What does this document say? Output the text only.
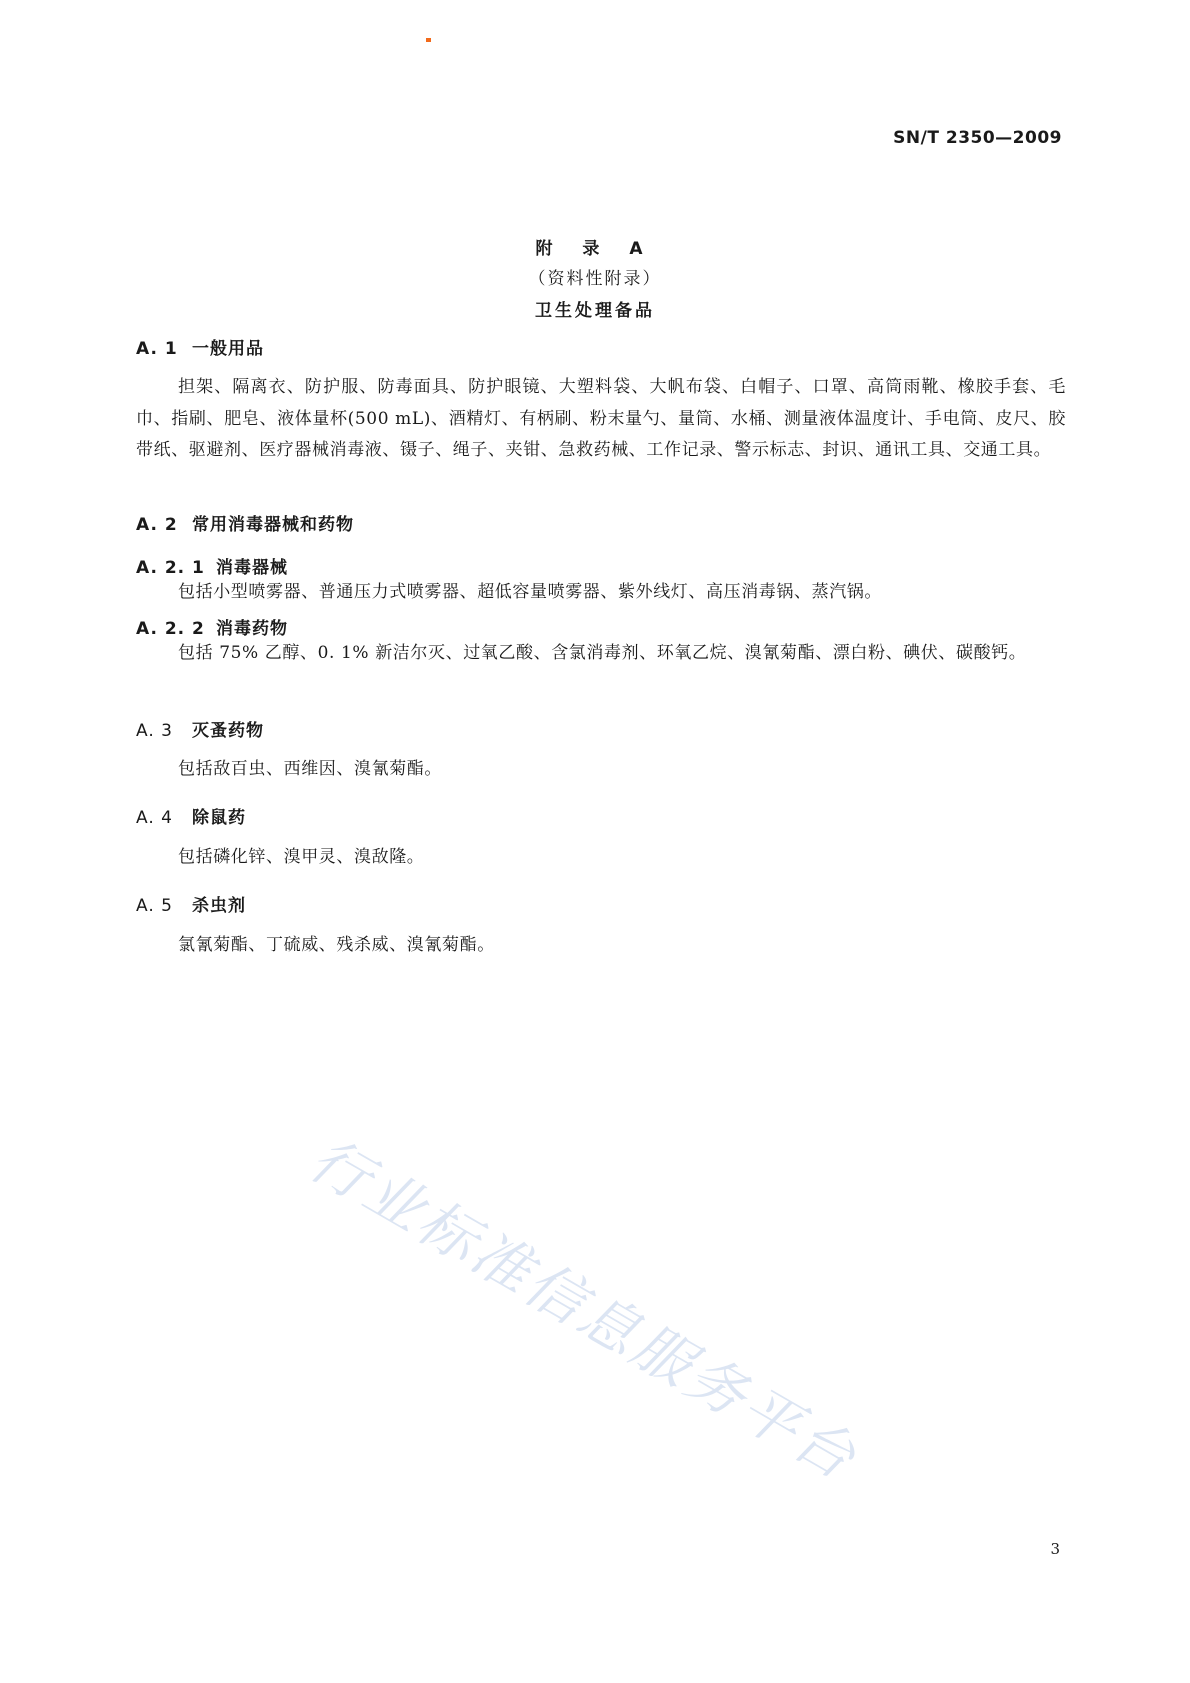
SN/T 2350—2009
附 录 A
（资料性附录）
卫生处理备品
A. 1 一般用品
担架、隔离衣、防护服、防毒面具、防护眼镜、大塑料袋、大帆布袋、白帽子、口罩、高筒雨靴、橡胶手套、毛巾、指刷、肥皂、液体量杯(500 mL)、酒精灯、有柄刷、粉末量勺、量筒、水桶、测量液体温度计、手电筒、皮尺、胶带纸、驱避剂、医疗器械消毒液、镊子、绳子、夹钳、急救药械、工作记录、警示标志、封识、通讯工具、交通工具。
A. 2 常用消毒器械和药物
A. 2. 1 消毒器械
包括小型喷雾器、普通压力式喷雾器、超低容量喷雾器、紫外线灯、高压消毒锅、蒸汽锅。
A. 2. 2 消毒药物
包括 75% 乙醇、0. 1% 新洁尔灭、过氧乙酸、含氯消毒剂、环氧乙烷、溴氰菊酯、漂白粉、碘伏、碳酸钙。
A. 3 灭蚤药物
包括敌百虫、西维因、溴氰菊酯。
A. 4 除鼠药
包括磷化锌、溴甲灵、溴敌隆。
A. 5 杀虫剂
氯氰菊酯、丁硫威、残杀威、溴氰菊酯。
行业标准信息服务平台
3
